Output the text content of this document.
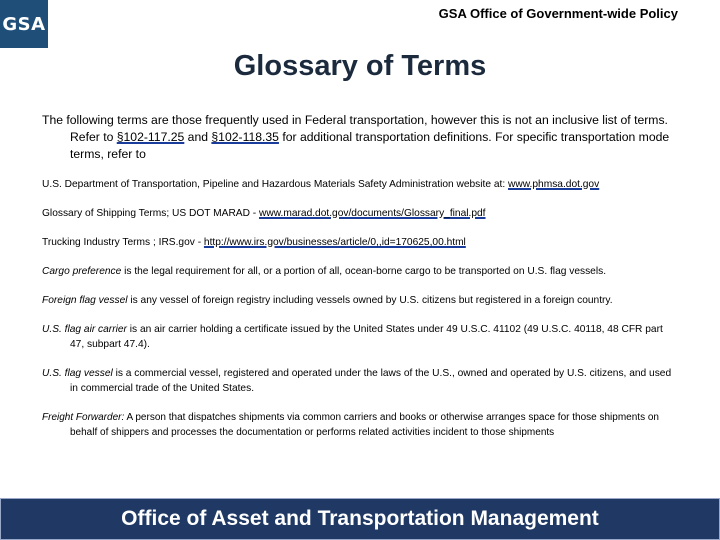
GSA	GSA Office of Government-wide Policy
Glossary of Terms

The following terms are those frequently used in Federal transportation, however this is not an inclusive list of terms. Refer to §102-117.25 and §102-118.35 for additional transportation definitions. For specific transportation mode terms, refer to

U.S. Department of Transportation, Pipeline and Hazardous Materials Safety Administration website at: www.phmsa.dot.gov

Glossary of Shipping Terms; US DOT MARAD - www.marad.dot.gov/documents/Glossary_final.pdf

Trucking Industry Terms ; IRS.gov - http://www.irs.gov/businesses/article/0,,id=170625,00.html

Cargo preference is the legal requirement for all, or a portion of all, ocean-borne cargo to be transported on U.S. flag vessels.

Foreign flag vessel is any vessel of foreign registry including vessels owned by U.S. citizens but registered in a foreign country.

U.S. flag air carrier is an air carrier holding a certificate issued by the United States under 49 U.S.C. 41102 (49 U.S.C. 40118, 48 CFR part 47, subpart 47.4).

U.S. flag vessel is a commercial vessel, registered and operated under the laws of the U.S., owned and operated by U.S. citizens, and used in commercial trade of the United States.

Freight Forwarder: A person that dispatches shipments via common carriers and books or otherwise arranges space for those shipments on behalf of shippers and processes the documentation or performs related activities incident to those shipments

Office of Asset and Transportation Management
